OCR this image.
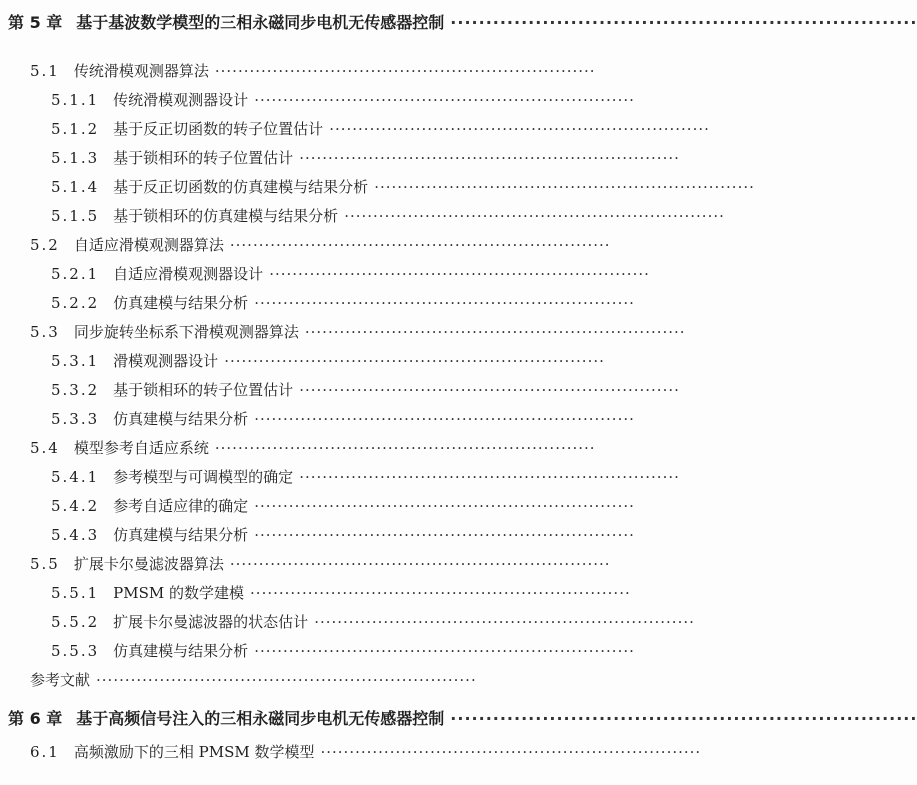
第 5 章 基于基波数学模型的三相永磁同步电机无传感器控制 ··································································
5.1 传统滑模观测器算法 ··································································
5.1.1 传统滑模观测器设计 ··································································
5.1.2 基于反正切函数的转子位置估计 ··································································
5.1.3 基于锁相环的转子位置估计 ··································································
5.1.4 基于反正切函数的仿真建模与结果分析 ··································································
5.1.5 基于锁相环的仿真建模与结果分析 ··································································
5.2 自适应滑模观测器算法 ··································································
5.2.1 自适应滑模观测器设计 ··································································
5.2.2 仿真建模与结果分析 ··································································
5.3 同步旋转坐标系下滑模观测器算法 ··································································
5.3.1 滑模观测器设计 ··································································
5.3.2 基于锁相环的转子位置估计 ··································································
5.3.3 仿真建模与结果分析 ··································································
5.4 模型参考自适应系统 ··································································
5.4.1 参考模型与可调模型的确定 ··································································
5.4.2 参考自适应律的确定 ··································································
5.4.3 仿真建模与结果分析 ··································································
5.5 扩展卡尔曼滤波器算法 ··································································
5.5.1 PMSM 的数学建模 ··································································
5.5.2 扩展卡尔曼滤波器的状态估计 ··································································
5.5.3 仿真建模与结果分析 ··································································
参考文献 ··································································
第 6 章 基于高频信号注入的三相永磁同步电机无传感器控制 ··································································
6.1 高频激励下的三相 PMSM 数学模型 ··································································
